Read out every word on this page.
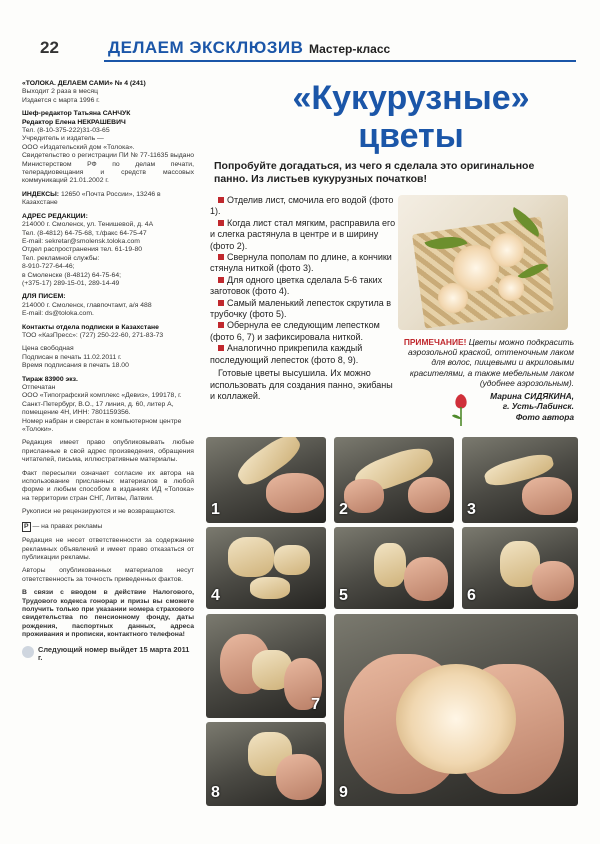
22	ДЕЛАЕМ ЭКСКЛЮЗИВ Мастер-класс
«ТОЛОКА. ДЕЛАЕМ САМИ» № 4 (241)
Выходит 2 раза в месяц
Издается с марта 1996 г.
Шеф-редактор Татьяна САНЧУК
Редактор Елена НЕКРАШЕВИЧ
Тел. (8-10-375-222)31-03-65
Учредитель и издатель —
ООО «Издательский дом «Толока».
Свидетельство о регистрации ПИ № 77-11635 выдано Министерством РФ по делам печати, телерадиовещания и средств массовых коммуникаций 21.01.2002 г.
ИНДЕКСЫ: 12650 «Почта России», 13246 в Казахстане
АДРЕС РЕДАКЦИИ:
214000 г. Смоленск, ул. Тенишевой, д. 4А
Тел. (8-4812) 64-75-68, т./факс 64-75-47
E-mail: sekretar@smolensk.toloka.com
Отдел распространения тел. 61-19-80
Тел. рекламной службы:
8-910-727-64-46;
в Смоленске (8-4812) 64-75-64;
(+375-17) 289-15-01, 289-14-49
ДЛЯ ПИСЕМ:
214000 г. Смоленск, главпочтамт, а/я 488
E-mail: ds@toloka.com.
Контакты отдела подписки в Казахстане
ТОО «КазПресс»: (727) 250-22-60, 271-83-73
Цена свободная
Подписан в печать 11.02.2011 г.
Время подписания в печать 18.00
Тираж 83900 экз.
Отпечатан
ООО «Типографский комплекс «Девиз», 199178, г. Санкт-Петербург, В.О., 17 линия, д. 60, литер А, помещение 4Н, ИНН: 7801159356.
Номер набран и сверстан в компьютерном центре «Толоки».
Редакция имеет право опубликовывать любые присланные в свой адрес произведения, обращения читателей, письма, иллюстративные материалы.
Факт пересылки означает согласие их автора на использование присланных материалов в любой форме и любым способом в изданиях ИД «Толока» на территории стран СНГ, Литвы, Латвии.
Рукописи не рецензируются и не возвращаются.
Р — на правах рекламы
Редакция не несет ответственности за содержание рекламных объявлений и имеет право отказаться от публикации рекламы.
Авторы опубликованных материалов несут ответственность за точность приведенных фактов.
В связи с вводом в действие Налогового, Трудового кодекса гонорар и призы вы сможете получить только при указании номера страхового свидетельства по пенсионному фонду, даты рождения, паспортных данных, адреса проживания и прописки, контактного телефона!
Следующий номер выйдет 15 марта 2011 г.
«Кукурузные»
цветы
Попробуйте догадаться, из чего я сделала это оригинальное панно. Из листьев кукурузных початков!

Отделив лист, смочила его водой (фото 1).

Когда лист стал мягким, расправила его и слегка растянула в центре и в ширину (фото 2).

Свернула пополам по длине, а кончики стянула ниткой (фото 3).

Для одного цветка сделала 5-6 таких заготовок (фото 4).

Самый маленький лепесток скрутила в трубочку (фото 5).

Обернула ее следующим лепестком (фото 6, 7) и зафиксировала ниткой.

Аналогично прикрепила каждый последующий лепесток (фото 8, 9).

Готовые цветы высушила. Их можно использовать для создания панно, экибаны и коллажей.

ПРИМЕЧАНИЕ! Цветы можно подкрасить аэрозольной краской, оттеночным лаком для волос, пищевыми и акриловыми красителями, а также мебельным лаком (удобнее аэрозольным).
Марина СИДЯКИНА,
г. Усть-Лабинск.
Фото автора
1	2	3
4	5	6
7
8	9
